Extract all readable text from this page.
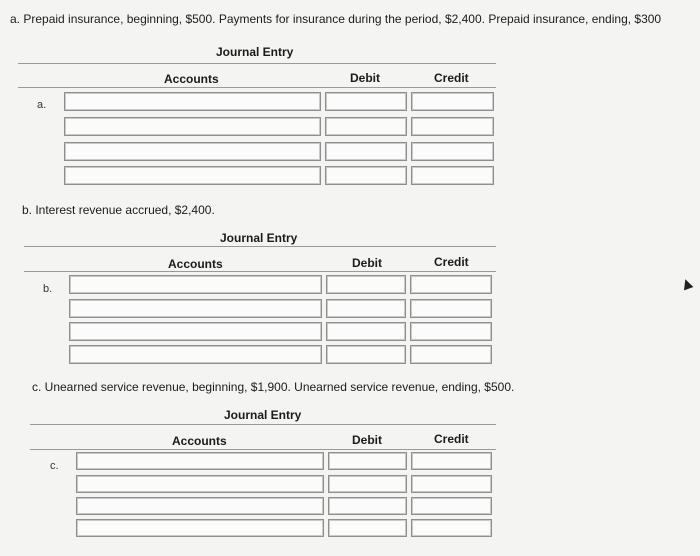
a. Prepaid insurance, beginning, $500. Payments for insurance during the period, $2,400. Prepaid insurance, ending, $300
Journal Entry
Accounts	Debit	Credit
a.
b. Interest revenue accrued, $2,400.
Journal Entry
Accounts	Debit	Credit
b.
c. Unearned service revenue, beginning, $1,900. Unearned service revenue, ending, $500.
Journal Entry
Accounts	Debit	Credit
c.
